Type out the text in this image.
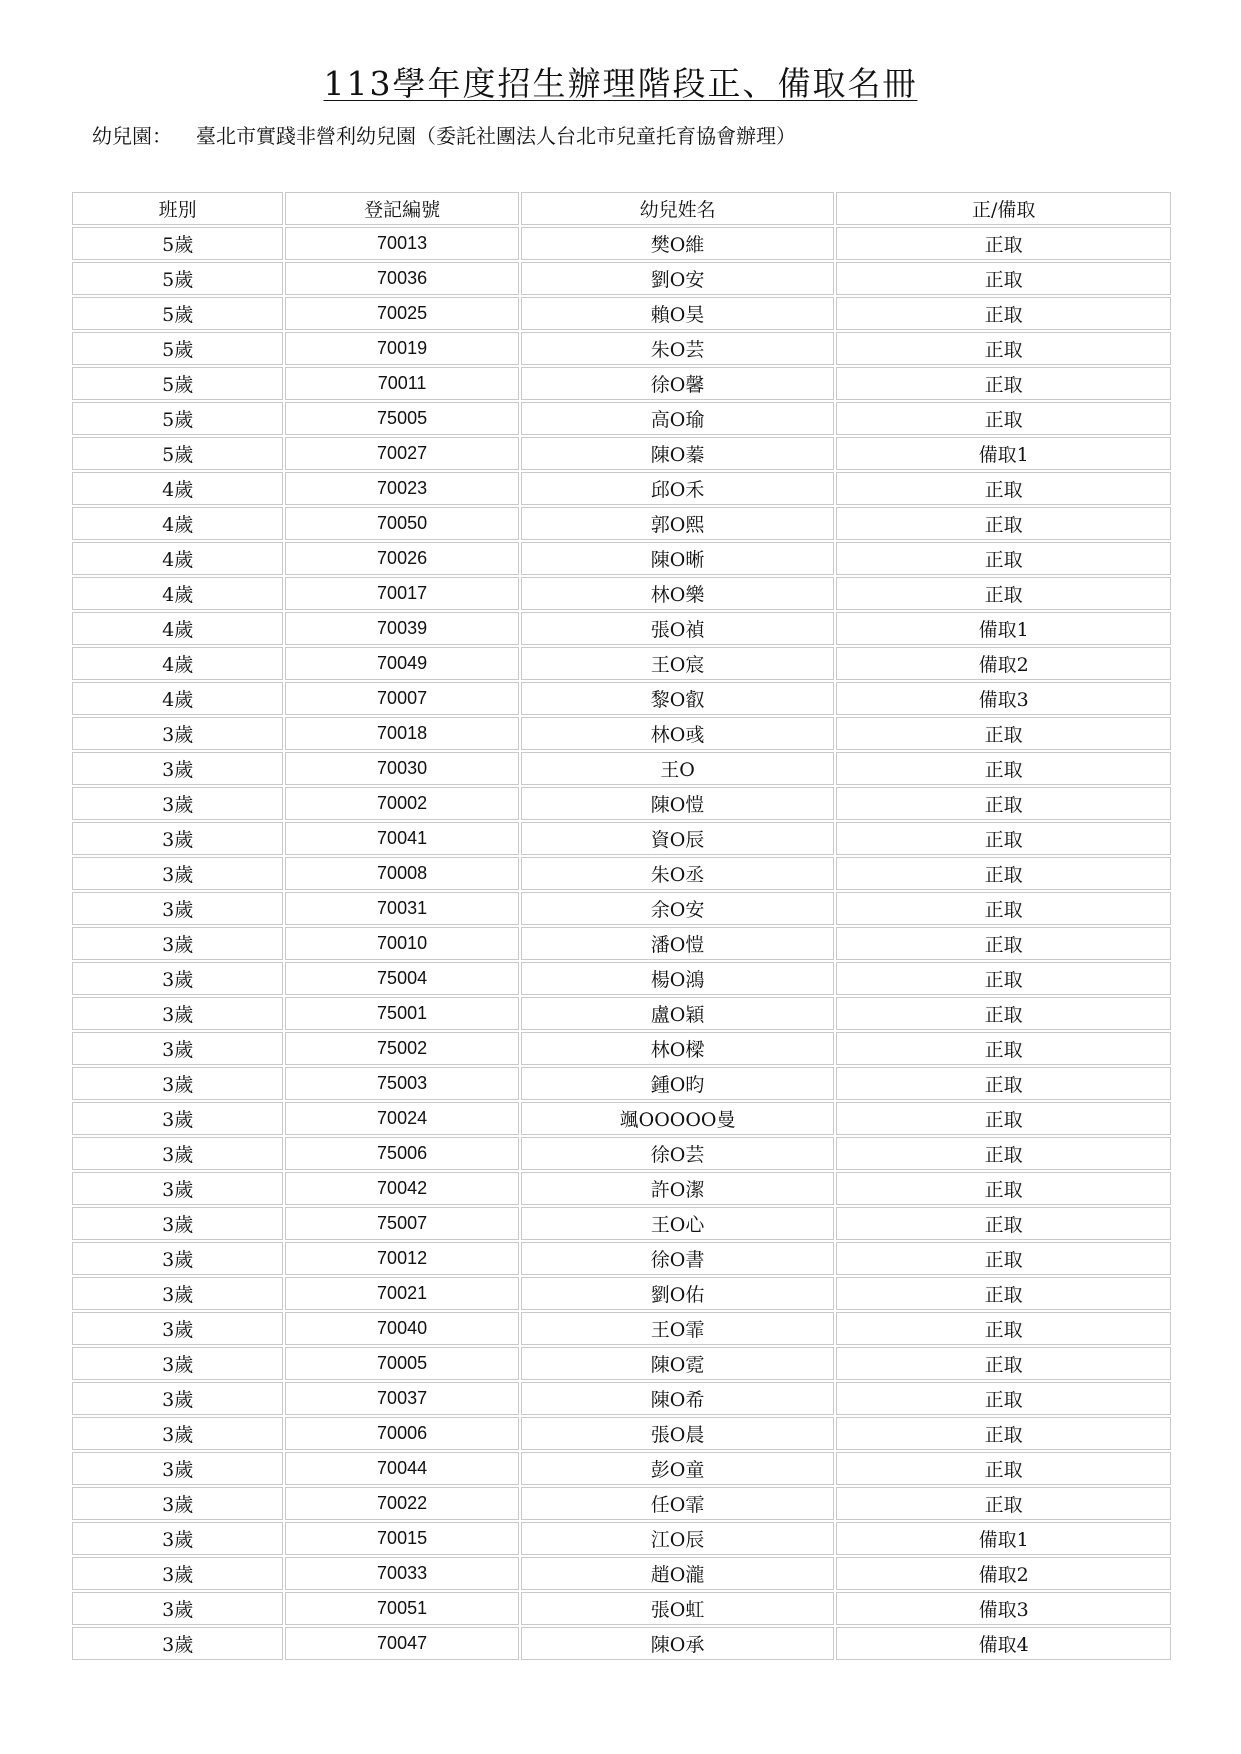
113學年度招生辦理階段正、備取名冊
幼兒園： 臺北市實踐非營利幼兒園（委託社團法人台北市兒童托育協會辦理）
班別	登記編號	幼兒姓名	正/備取
5歲	70013	樊O維	正取
5歲	70036	劉O安	正取
5歲	70025	賴O昊	正取
5歲	70019	朱O芸	正取
5歲	70011	徐O馨	正取
5歲	75005	高O瑜	正取
5歲	70027	陳O蓁	備取1
4歲	70023	邱O禾	正取
4歲	70050	郭O熙	正取
4歲	70026	陳O晰	正取
4歲	70017	林O樂	正取
4歲	70039	張O禎	備取1
4歲	70049	王O宸	備取2
4歲	70007	黎O叡	備取3
3歲	70018	林O彧	正取
3歲	70030	王O	正取
3歲	70002	陳O愷	正取
3歲	70041	資O辰	正取
3歲	70008	朱O丞	正取
3歲	70031	余O安	正取
3歲	70010	潘O愷	正取
3歲	75004	楊O鴻	正取
3歲	75001	盧O穎	正取
3歲	75002	林O樑	正取
3歲	75003	鍾O昀	正取
3歲	70024	颯OOOOO曼	正取
3歲	75006	徐O芸	正取
3歲	70042	許O潔	正取
3歲	75007	王O心	正取
3歲	70012	徐O書	正取
3歲	70021	劉O佑	正取
3歲	70040	王O霏	正取
3歲	70005	陳O霓	正取
3歲	70037	陳O希	正取
3歲	70006	張O晨	正取
3歲	70044	彭O童	正取
3歲	70022	任O霏	正取
3歲	70015	江O辰	備取1
3歲	70033	趙O瀧	備取2
3歲	70051	張O虹	備取3
3歲	70047	陳O承	備取4
